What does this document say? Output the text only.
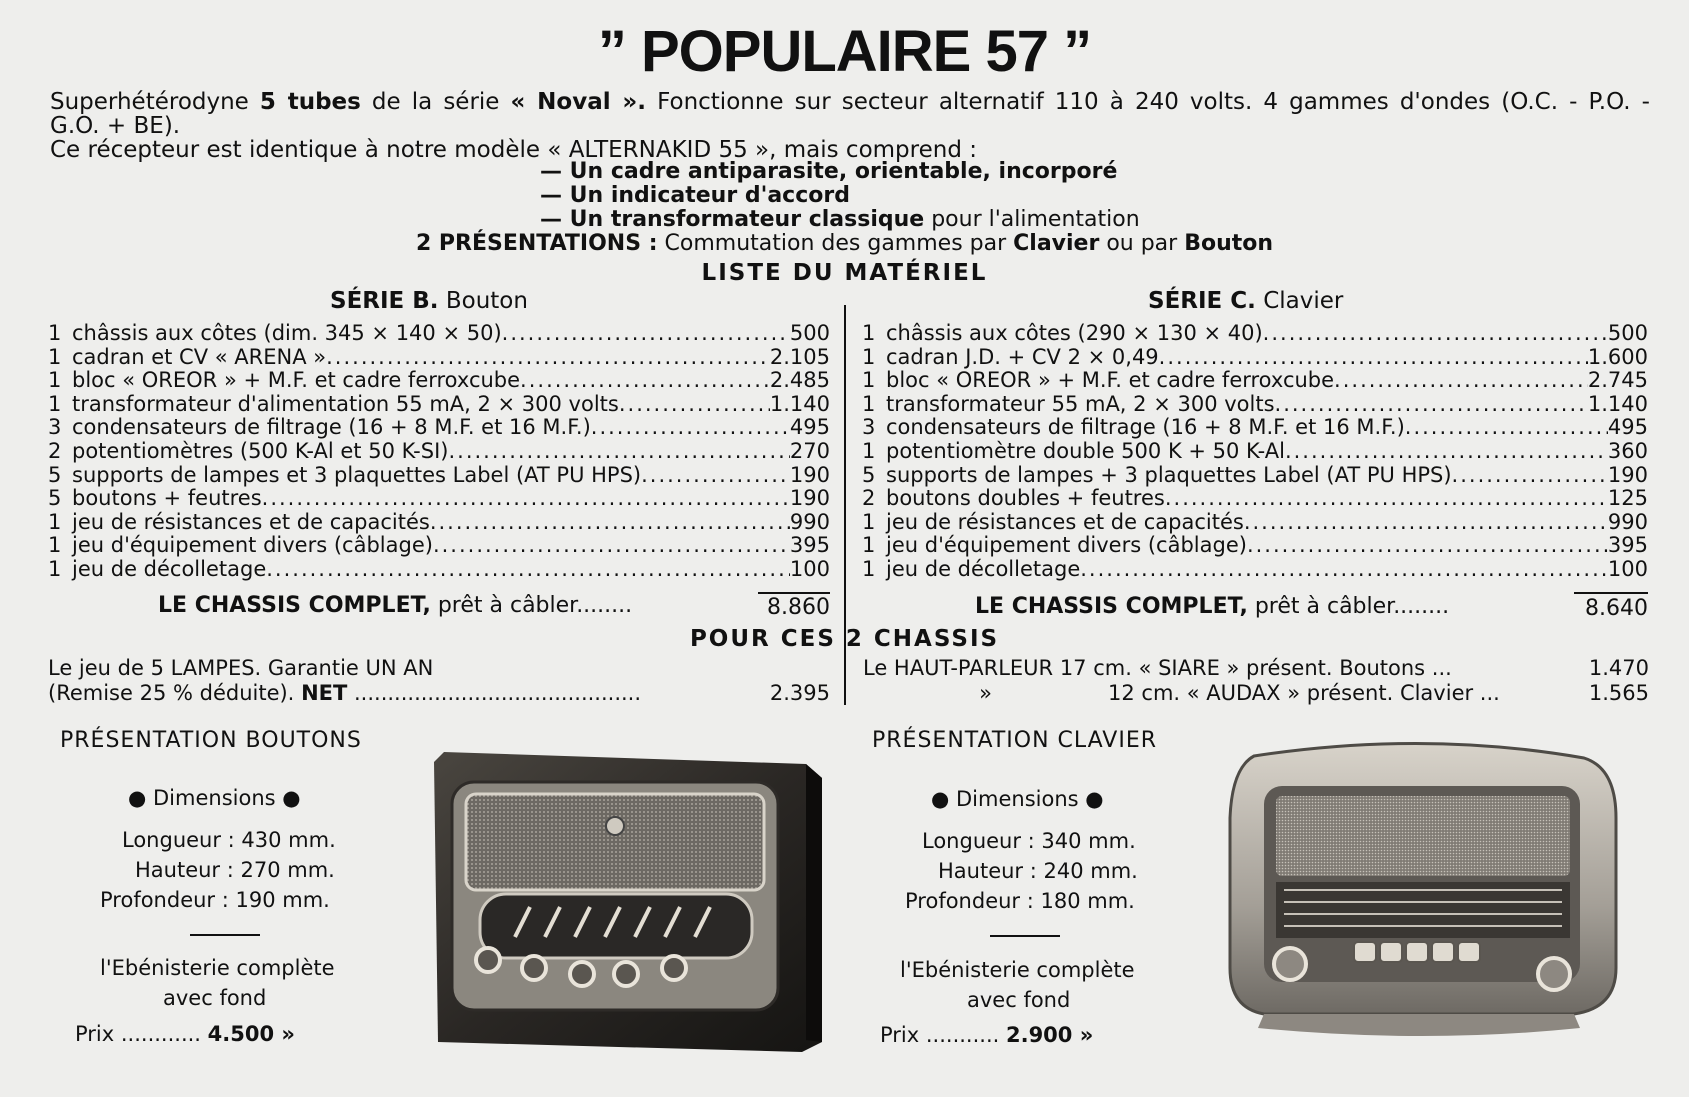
” POPULAIRE 57 ”
Superhétérodyne 5 tubes de la série « Noval ». Fonctionne sur secteur alternatif 110 à 240 volts. 4 gammes d'ondes (O.C. - P.O. -
G.O. + BE).
Ce récepteur est identique à notre modèle « ALTERNAKID 55 », mais comprend :
— Un cadre antiparasite, orientable, incorporé
— Un indicateur d'accord
— Un transformateur classique pour l'alimentation
2 PRÉSENTATIONS : Commutation des gammes par Clavier ou par Bouton
LISTE DU MATÉRIEL
SÉRIE B. Bouton	SÉRIE C. Clavier
1 châssis aux côtes (dim. 345 × 140 × 50) .....	500
1 cadran et CV « ARENA » .....	2.105
1 bloc « OREOR » + M.F. et cadre ferroxcube .....	2.485
1 transformateur d'alimentation 55 mA, 2 × 300 volts .....	1.140
3 condensateurs de filtrage (16 + 8 M.F. et 16 M.F.) .....	495
2 potentiomètres (500 K-Al et 50 K-SI) .....	270
5 supports de lampes et 3 plaquettes Label (AT PU HPS) .....	190
5 boutons + feutres .....	190
1 jeu de résistances et de capacités .....	990
1 jeu d'équipement divers (câblage) .....	395
1 jeu de décolletage .....	100
1 châssis aux côtes (290 × 130 × 40) .....	500
1 cadran J.D. + CV 2 × 0,49 .....	1.600
1 bloc « OREOR » + M.F. et cadre ferroxcube .....	2.745
1 transformateur 55 mA, 2 × 300 volts .....	1.140
3 condensateurs de filtrage (16 + 8 M.F. et 16 M.F.) .....	495
1 potentiomètre double 500 K + 50 K-Al .....	360
5 supports de lampes + 3 plaquettes Label (AT PU HPS) .....	190
2 boutons doubles + feutres .....	125
1 jeu de résistances et de capacités .....	990
1 jeu d'équipement divers (câblage) .....	395
1 jeu de décolletage .....	100
LE CHASSIS COMPLET, prêt à câbler........	8.860	LE CHASSIS COMPLET, prêt à câbler........	8.640
POUR CES 2 CHASSIS
Le jeu de 5 LAMPES. Garantie UN AN
(Remise 25 % déduite). NET ...........................................	2.395
Le HAUT-PARLEUR 17 cm. « SIARE » présent. Boutons ...	1.470
»	12 cm. « AUDAX » présent. Clavier ...	1.565
PRÉSENTATION BOUTONS
● Dimensions ●
Longueur : 430 mm.
Hauteur : 270 mm.
Profondeur : 190 mm.
l'Ebénisterie complète
avec fond
Prix ............ 4.500 »
PRÉSENTATION CLAVIER
● Dimensions ●
Longueur : 340 mm.
Hauteur : 240 mm.
Profondeur : 180 mm.
l'Ebénisterie complète
avec fond
Prix ........... 2.900 »
